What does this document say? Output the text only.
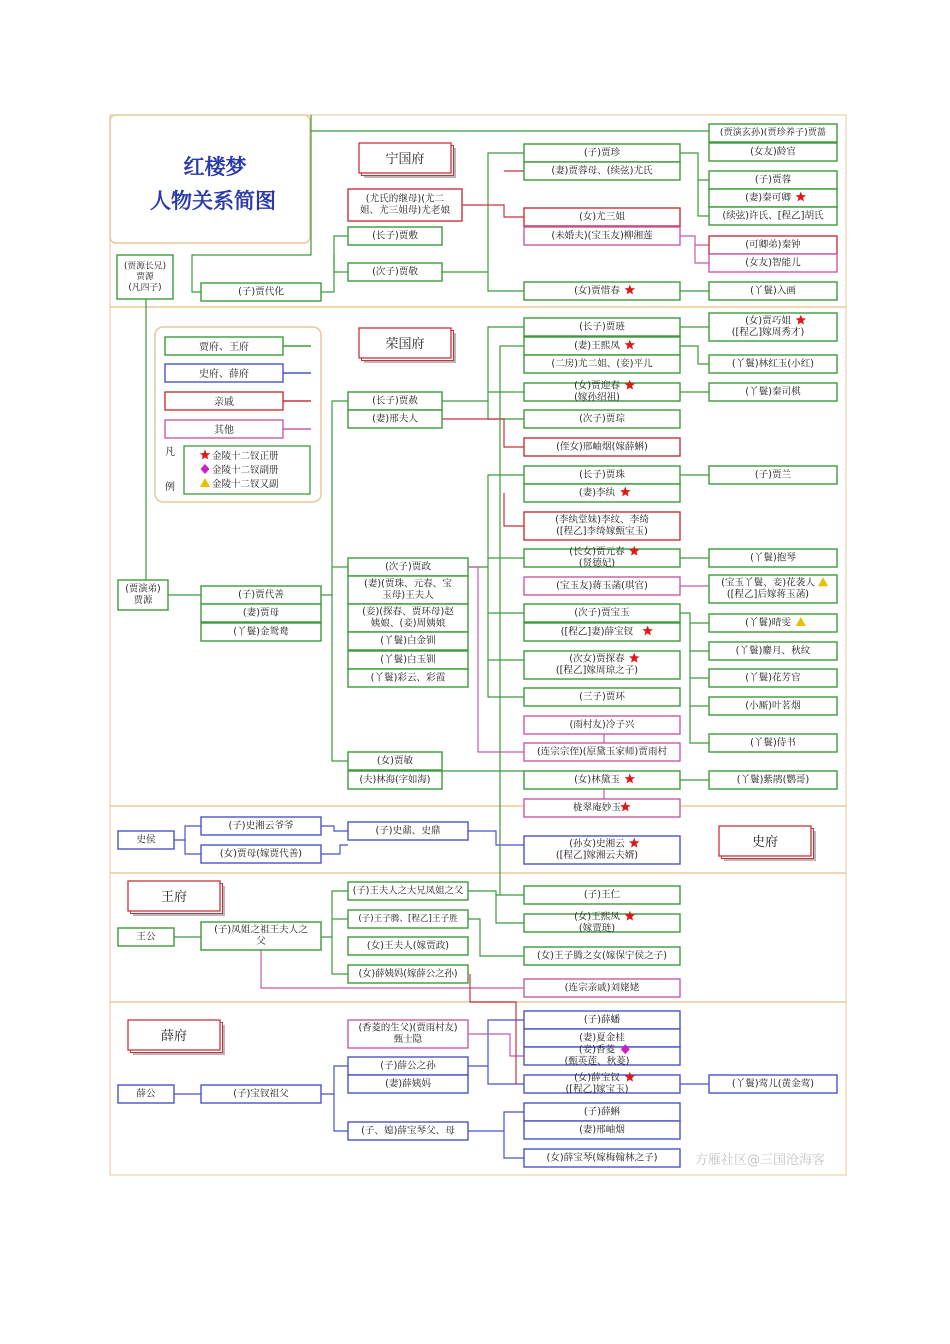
宁国府
荣国府
史府
王府
薛府
红楼梦
人物关系简图
贾府、王府
史府、薛府
亲戚
其他
凡
例
金陵十二钗正册
金陵十二钗副册
金陵十二钗又副
(贾源长兄)
贾源
(凡四子)	(子)贾代化
(长子)贾敷
(次子)贾敬
(尤氏的继母)(尤二
姐、尤三姐母)尤老娘
(子)贾珍
(妻)贾蓉母、(续弦)尤氏
(女)尤三姐
(未婚夫)(宝玉友)柳湘莲
(女)贾惜春	(丫鬟)入画
(贾演玄孙)(贾珍养子)贾蔷
(女友)龄官
(子)贾蓉
(妻)秦可卿
(续弦)许氏、[程乙]胡氏
(可卿弟)秦钟
(女友)智能儿
(子)贾代善
(妻)贾母
(丫鬟)金鸳鸯
(贾演弟)
贾源
(长子)贾赦
(妻)邢夫人
(长子)贾琏
(妻)王熙凤
(二房)尤二姐、(妾)平儿
(女)贾巧姐
([程乙]嫁周秀才)
(丫鬟)林红玉(小红)
(女)贾迎春
(嫁孙绍祖)
(丫鬟)秦司棋
(次子)贾琮
(侄女)邢岫烟(嫁薛蝌)
(次子)贾政
(妻)(贾珠、元春、宝
玉母)王夫人
(妾)(探春、贾环母)赵
姨娘、(妾)周姨娘
(丫鬟)白金钏
(丫鬟)白玉钏
(丫鬟)彩云、彩霞
(女)贾敏
(夫)林海(字如海)
(长子)贾珠
(妻)李纨
(李纨堂妹)李纹、李绮
([程乙]李绮嫁甄宝玉)
(子)贾兰
(长女)贾元春
(贤德妃)
(丫鬟)抱琴
(宝玉友)蒋玉菡(琪官)	(宝玉丫鬟、妾)花袭人
([程乙]后嫁蒋玉菡)
(次子)贾宝玉
([程乙]妻)薛宝钗
(丫鬟)晴雯
(次女)贾探春
([程乙]嫁周琼之子)
(丫鬟)麝月、秋纹
(丫鬟)花芳官
(三子)贾环
(小厮)叶茗烟
(雨村友)冷子兴
(丫鬟)侍书
(连宗宗侄)(原黛玉家师)贾雨村
(女)林黛玉	(丫鬟)紫鹃(鹦哥)
栊翠庵妙玉
史侯
(子)史湘云爷爷
(女)贾母(嫁贾代善)
(子)史鼐、史鼎
(孙女)史湘云
([程乙]嫁湘云夫婿)
王公
(子)凤姐之祖王夫人之
父
(子)王夫人之大兄凤姐之父
(子)王子腾、[程乙]王子胜
(女)王夫人(嫁贾政)
(女)薛姨妈(嫁薛公之孙)
(子)王仁
(女)王熙凤
(嫁贾琏)
(女)王子腾之女(嫁保宁侯之子)
(连宗亲戚)刘姥姥
薛公	(子)宝钗祖父
(香菱的生父)(贾雨村友)
甄士隐
(子)薛公之孙
(妻)薛姨妈
(子、媳)薛宝琴父、母
(子)薛蟠
(妻)夏金桂
(妾)香菱
(甄英莲、秋菱)
(女)薛宝钗
([程乙]嫁宝玉)
(丫鬟)莺儿(黄金莺)
(子)薛蝌
(妻)邢岫烟
(女)薛宝琴(嫁梅翰林之子)	方雁社区@三国沧海客
